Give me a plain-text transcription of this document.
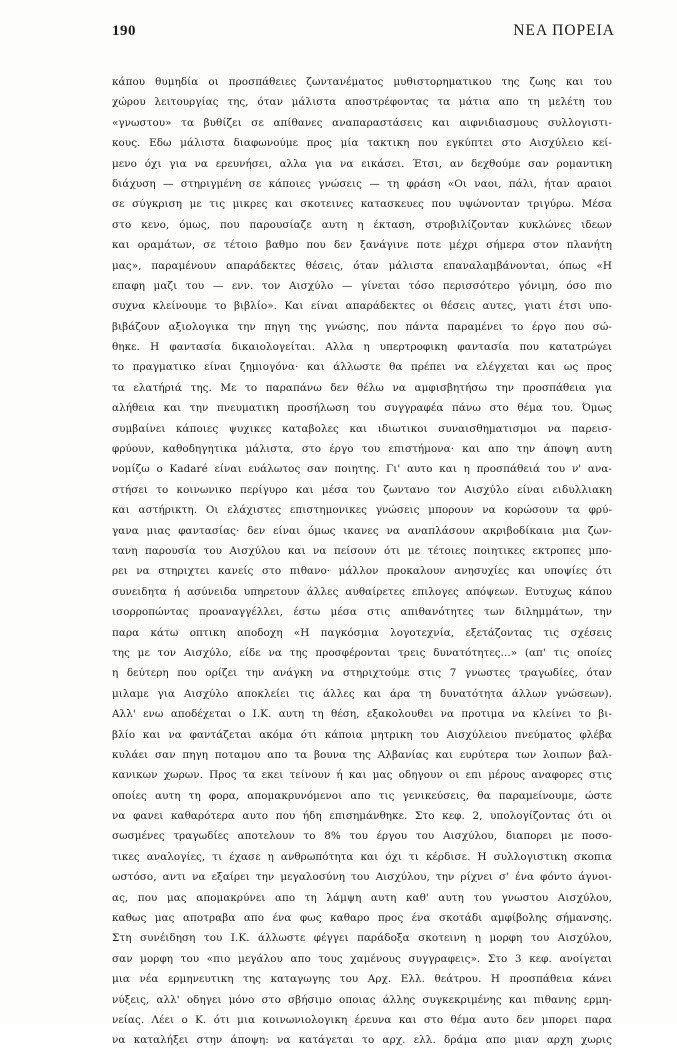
190	ΝΕΑ ΠΟΡΕΙΑ
κάπου θυμηδία οι προσπάθειες ζωντανέματος μυθιστορηματικου της ζωης και του
χώρου λειτουργίας της, όταν μάλιστα αποστρέφοντας τα μάτια απο τη μελέτη του
«γνωστου» τα βυθίζει σε απίθανες αναπαραστάσεις και αιφνιδιασμους συλλογιστι-
κους. Εδω μάλιστα διαφωνούμε προς μία τακτικη που εγκύπτει στο Αισχύλειο κεί-
μενο όχι για να ερευνήσει, αλλα για να εικάσει. Έτσι, αν δεχθούμε σαν ρομαντικη
διάχυση — στηριγμένη σε κάποιες γνώσεις — τη φράση «Οι ναοι, πάλι, ήταν αραιοι
σε σύγκριση με τις μικρες και σκοτεινες κατασκευες που υψώνονταν τριγύρω. Μέσα
στο κενο, όμως, που παρουσίαζε αυτη η έκταση, στροβιλίζονταν κυκλώνες ιδεων
και οραμάτων, σε τέτοιο βαθμο που δεν ξανάγινε ποτε μέχρι σήμερα στον πλανήτη
μας», παραμένουν απαράδεκτες θέσεις, όταν μάλιστα επαναλαμβάνονται, όπως «Η
επαφη μαζι του — ενν. τον Αισχύλο — γίνεται τόσο περισσότερο γόνιμη, όσο πιο
συχνα κλείνουμε το βιβλίο». Και είναι απαράδεκτες οι θέσεις αυτες, γιατι έτσι υπο-
βιβάζουν αξιολογικα την πηγη της γνώσης, που πάντα παραμένει το έργο που σώ-
θηκε. Η φαντασία δικαιολογείται. Αλλα η υπερτροφικη φαντασία που κατατρώγει
το πραγματικο είναι ζημιογόνα· και άλλωστε θα πρέπει να ελέγχεται και ως προς
τα ελατήριά της. Με το παραπάνω δεν θέλω να αμφισβητήσω την προσπάθεια για
αλήθεια και την πνευματικη προσήλωση του συγγραφέα πάνω στο θέμα του. Όμως
συμβαίνει κάποιες ψυχικες καταβολες και ιδιωτικοι συναισθηματισμοι να παρεισ-
φρύουν, καθοδηγητικα μάλιστα, στο έργο του επιστήμονα· και απο την άποψη αυτη
νομίζω ο Kadaré είναι ευάλωτος σαν ποιητης. Γι' αυτο και η προσπάθειά του ν' ανα-
στήσει το κοινωνικο περίγυρο και μέσα του ζωντανο τον Αισχύλο είναι ειδυλλιακη
και αστήρικτη. Οι ελάχιστες επιστημονικες γνώσεις μπορουν να κορώσουν τα φρύ-
γανα μιας φαντασίας· δεν είναι όμως ικανες να αναπλάσουν ακριβοδίκαια μια ζων-
τανη παρουσία του Αισχύλου και να πείσουν ότι με τέτοιες ποιητικες εκτροπες μπο-
ρει να στηριχτει κανείς στο πιθανο· μάλλον προκαλουν ανησυχίες και υποψίες ότι
συνειδητα ή ασύνειδα υπηρετουν άλλες αυθαίρετες επιλογες απόψεων. Ευτυχως κάπου
ισορροπώντας προαναγγέλλει, έστω μέσα στις απιθανότητες των διλημμάτων, την
παρα κάτω οπτικη αποδοχη «Η παγκόσμια λογοτεχνία, εξετάζοντας τις σχέσεις
της με τον Αισχύλο, είδε να της προσφέρονται τρεις δυνατότητες...» (απ' τις οποίες
η δεύτερη που ορίζει την ανάγκη να στηριχτούμε στις 7 γνωστες τραγωδίες, όταν
μιλαμε για Αισχύλο αποκλείει τις άλλες και άρα τη δυνατότητα άλλων γνώσεων).
Αλλ' ενω αποδέχεται ο Ι.Κ. αυτη τη θέση, εξακολουθει να προτιμα να κλείνει το βι-
βλίο και να φαντάζεται ακόμα ότι κάποια μητρικη του Αισχύλειου πνεύματος φλέβα
κυλάει σαν πηγη ποταμου απο τα βουνα της Αλβανίας και ευρύτερα των λοιπων βαλ-
κανικων χωρων. Προς τα εκει τείνουν ή και μας οδηγουν οι επι μέρους αναφορες στις
οποίες αυτη τη φορα, απομακρυνόμενοι απο τις γενικεύσεις, θα παραμείνουμε, ώστε
να φανει καθαρότερα αυτο που ήδη επισημάνθηκε. Στο κεφ. 2, υπολογίζοντας ότι οι
σωσμένες τραγωδίες αποτελουν το 8% του έργου του Αισχύλου, διαπορει με ποσο-
τικες αναλογίες, τι έχασε η ανθρωπότητα και όχι τι κέρδισε. Η συλλογιστικη σκοπια
ωστόσο, αντι να εξαίρει την μεγαλοσύνη του Αισχύλου, την ρίχνει σ' ένα φόντο άγνοι-
ας, που μας απομακρύνει απο τη λάμψη αυτη καθ' αυτη του γνωστου Αισχύλου,
καθως μας αποτραβα απο ένα φως καθαρο προς ένα σκοτάδι αμφίβολης σήμανσης.
Στη συνέιδηση του Ι.Κ. άλλωστε φέγγει παράδοξα σκοτεινη η μορφη του Αισχύλου,
σαν μορφη του «πιο μεγάλου απο τους χαμένους συγγραφεις». Στο 3 κεφ. ανοίγεται
μια νέα ερμηνευτικη της καταγωγης του Αρχ. Ελλ. θεάτρου. Η προσπάθεια κάνει
νύξεις, αλλ' οδηγει μόνο στο σβήσιμο οποιας άλλης συγκεκριμένης και πιθανης ερμη-
νείας. Λέει ο Κ. ότι μια κοινωνιολογικη έρευνα και στο θέμα αυτο δεν μπορει παρα
να καταλήξει στην άποψη: να κατάγεται το αρχ. ελλ. δράμα απο μιαν αρχη χωρις
